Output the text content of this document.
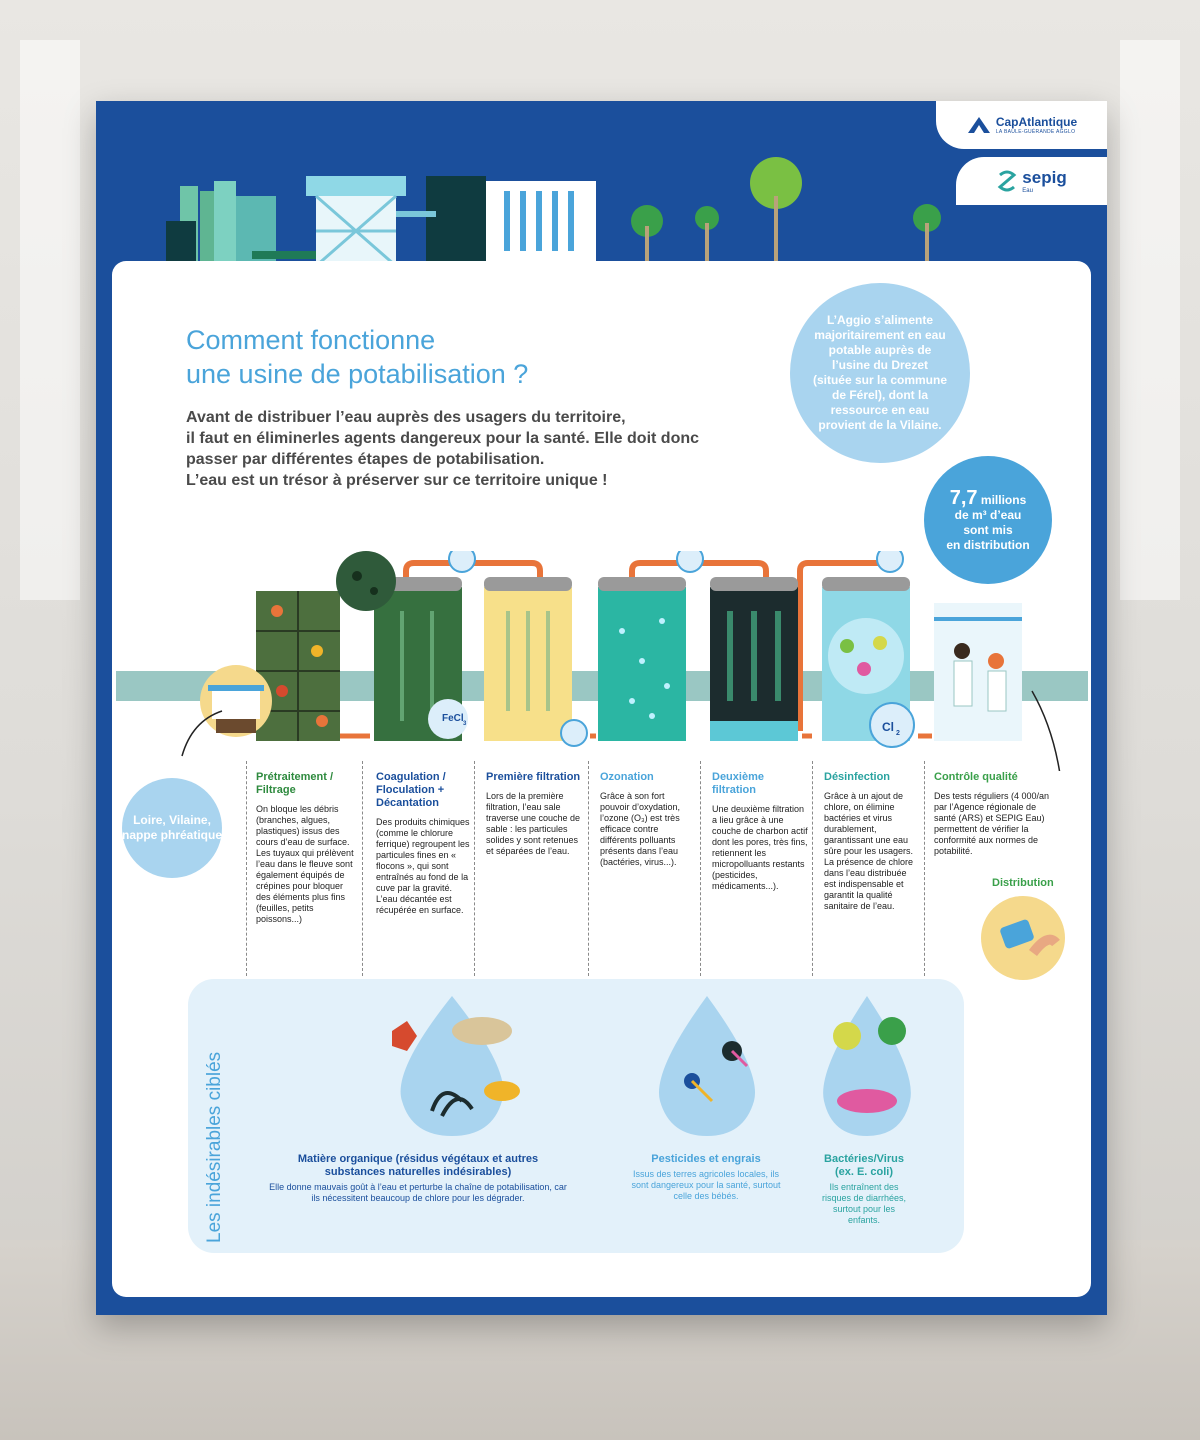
CapAtlantique
LA BAULE-GUÉRANDE AGGLO
sepig
Eau
Comment fonctionne
une usine de potabilisation ?
Avant de distribuer l’eau auprès des usagers du territoire,
il faut en éliminerles agents dangereux pour la santé. Elle doit donc
passer par différentes étapes de potabilisation.
L’eau est un trésor à préserver sur ce territoire unique !
L’Aggio s’alimente majoritairement en eau potable auprès de l’usine du Drezet (située sur la commune de Férel), dont la ressource en eau provient de la Vilaine.
7,7 millions
de m³ d’eau
sont mis
en distribution
FeCl 3	Cl 2
Loire, Vilaine, nappe phréatique
Prétraitement / Filtrage

On bloque les débris (branches, algues, plastiques) issus des cours d’eau de surface. Les tuyaux qui prélèvent l’eau dans le fleuve sont également équipés de crépines pour bloquer des éléments plus fins (feuilles, petits poissons...)

Coagulation / Floculation + Décantation

Des produits chimiques (comme le chlorure ferrique) regroupent les particules fines en « flocons », qui sont entraînés au fond de la cuve par la gravité. L’eau décantée est récupérée en surface.

Première filtration

Lors de la première filtration, l’eau sale traverse une couche de sable : les particules solides y sont retenues et séparées de l’eau.

Ozonation

Grâce à son fort pouvoir d’oxydation, l’ozone (O₃) est très efficace contre différents polluants présents dans l’eau (bactéries, virus...).

Deuxième filtration

Une deuxième filtration a lieu grâce à une couche de charbon actif dont les pores, très fins, retiennent les micropolluants restants (pesticides, médicaments...).

Désinfection

Grâce à un ajout de chlore, on élimine bactéries et virus durablement, garantissant une eau sûre pour les usagers. La présence de chlore dans l’eau distribuée est indispensable et garantit la qualité sanitaire de l’eau.

Contrôle qualité

Des tests réguliers (4 000/an par l’Agence régionale de santé (ARS) et SEPIG Eau) permettent de vérifier la conformité aux normes de potabilité.

Distribution
Les indésirables ciblés	Matière organique (résidus végétaux et autres substances naturelles indésirables)

Elle donne mauvais goût à l’eau et perturbe la chaîne de potabilisation, car ils nécessitent beaucoup de chlore pour les dégrader.

Pesticides et engrais

Issus des terres agricoles locales, ils sont dangereux pour la santé, surtout celle des bébés.

Bactéries/Virus (ex. E. coli)

Ils entraînent des risques de diarrhées, surtout pour les enfants.
